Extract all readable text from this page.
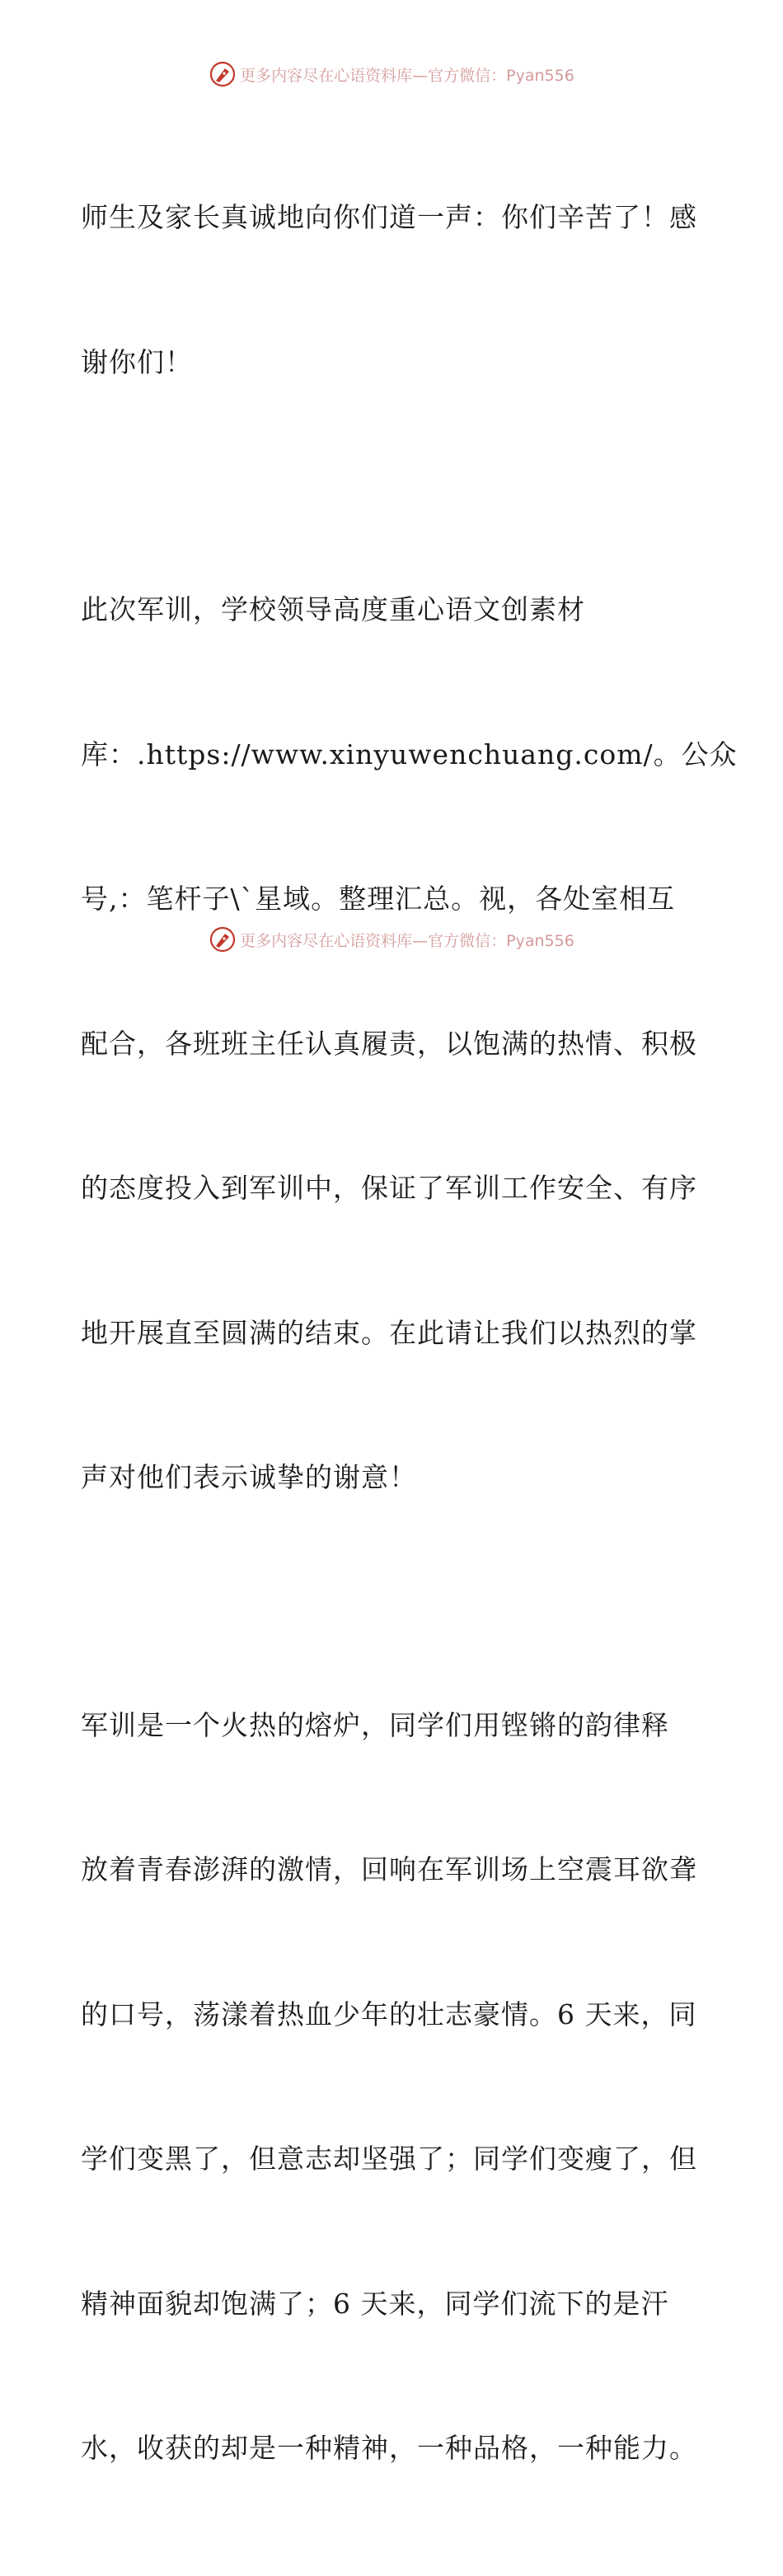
更多内容尽在心语资料库—官方微信：Pyan556

师生及家长真诚地向你们道一声：你们辛苦了！感

谢你们！

此次军训，学校领导高度重心语文创素材

库：.https://www.xinyuwenchuang.com/。公众

号,：笔杆子\`星域。整理汇总。视，各处室相互

配合，各班班主任认真履责，以饱满的热情、积极

的态度投入到军训中，保证了军训工作安全、有序

地开展直至圆满的结束。在此请让我们以热烈的掌

声对他们表示诚挚的谢意！

军训是一个火热的熔炉，同学们用铿锵的韵律释

放着青春澎湃的激情，回响在军训场上空震耳欲聋

的口号，荡漾着热血少年的壮志豪情。6 天来，同

学们变黑了，但意志却坚强了；同学们变瘦了，但

精神面貌却饱满了；6 天来，同学们流下的是汗

水，收获的却是一种精神，一种品格，一种能力。

更多内容尽在心语资料库—官方微信：Pyan556
